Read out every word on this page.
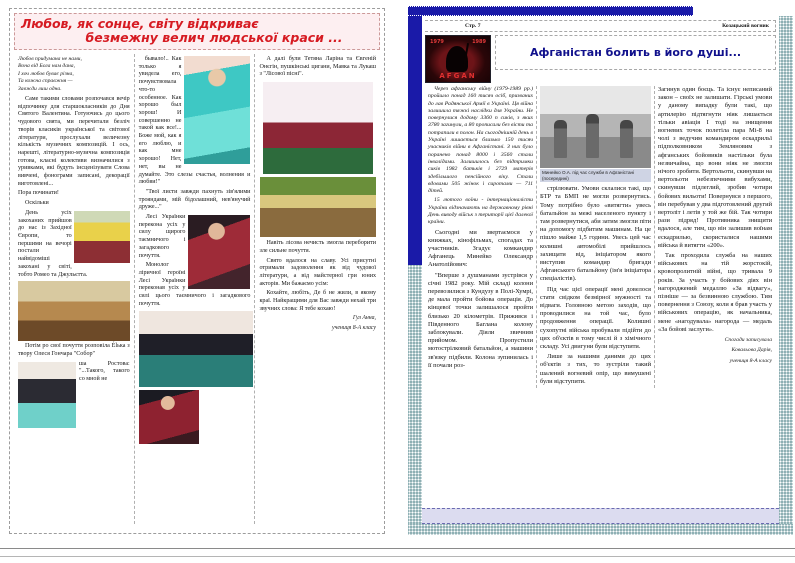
Любов, як сонце, світу відкриває
безмежну велич людської краси ...
Любов придумана не нами,
Вона від Бога нам дана,
І хоч любов буває різна,
Та кожна справжня —
Завжди лиш одна.

Саме такими словами розпочався вечір відпочинку для старшокласників до Дня Святого Валентина. Готуючись до цього чудового свята, ми перечитали безліч творів класиків української та світової літератури, прослухали величезну кількість музичних композицій. І ось, нарешті, літературно-музична композиція готова, класні колективи визначилися з уривками, які будуть інсценізувати Слова вивчені, фонограми записані, декорації виготовлені...

Пора починати!

Оскільки

День усіх закоханих прийшов до нас із Західної Європи, то першими на вечорі постали найвідоміші закохані у світі, тобто Ромео та Джульєтта.

Потім ро свої почуття розповіла Élька з твору Олеся Гончара "Собор"

ша Ростова: "...Такого, такого со мной не

бывало!.. Как только я увидела его, почувствовала что-то особенное. Как хорошо был хорош! И совершенно не такой как все!... Боже мой, как я его люблю, и как мне хорошо! Нет, нет, вы не думайте. Это слезы счастья, волнения и любви!"

"Твої листи завжди пахнуть зів'ялими трояндами, мій бідолашний, нев'янучий друже..."

Лесі Українки перекона усіх у силу щирого таємничого і загадкового почуття.

Монолог ліричної героїні Лесі Українки переконав усіх у силі цього таємничого і загадкового почуття.

А далі були Тетяна Ларіна та Євгеній Онєгін, пушкінські цигани, Мавка та Лукаш з "Лісової пісні".

Навіть лісова нечисть змогла переборити зле сильне почуття.

Свято вдалося на славу. Усі присутні отримали задоволення як від чудової літератури, а від майстерної гри юних акторів. Ми бажаємо усім:

Кохайте, любіть, Де б не жили, в якому краї. Найкращими для Вас завжди нехай три звучних слова: Я тебе кохаю!

Гул Анна,
учениця 8-А класу
Стр. 7	Козацький вогник
1979	1989
AFGAN
Афганістан болить в його душі...

Через афганську війну (1979-1989 рр.) пройшло понад 160 тисяч осіб, призваних до лав Радянської Армії в Україні. Ця війна залишила тяжкі наслідки для України. Не повернулися додому 3360 п сиків, з яких 3780 загинули, а 80 прописали без вісти та потрапили в полон. На сьогоднішній день в Україні лишається близько 150 тисяч учасників війни в Афганістані. З них було поранено понад 8000 і 3560 стали інвалідами. Залишилось без підтримки сиків 1982 батьків і 2729 матерів здебільшого пенсійного віку. Стали вдовами 505 жінок і сиротами — 711 дітей.

15 лютого воїни - інтернаціоналісти України відзначають на державному рівні День виводу військ з території цієї далекої країни.

Сьогодні ми звертаємося у книжках, кінофільмах, спогадах та участників. Згадує комкандир Афганець Минейко Олександр Анатолійович:

"Вперше з душманами зустрівся у січні 1982 року. Мій складі колони перевозилися з Кундузу в Пoлі-Хумрі, де мала пройти бойова операція. До кінцевої точки залишалося пройти близько 20 кілометрів. Прижився і Південного Багланa колону заблокували. Діяли звичним прийомом. Пропустили мотострілковий батальйон, а машини зв'язку підбили. Колона зупинилась і її почали роз-

Минейко О.А. під час служби в Афганістані (посередині)

стрілювати. Умови склалися такі, що БТР та БМП не могли розвернутись. Тому потрібно було «витягти» увесь батальйон за межі населеного пункту і там розвернутися, аби затим змогли піти на допомогу підбитим машинам. На це пішло майже 1,5 години. Увесь цей час колишні автомобілі прийшлось захищати від, ініціатором якого виступив командир бригади Афганського батальйону (ім'я ініціатора спеціалістів).

Під час цієї операції мені довелося стати свідком безмірної мужності та відваги. Головною метою заходів, що проводилися на той час, було продовження операції. Колишні сухопутні війська пробували підійти до цих об'єктів в тому числі й з хімічного складу. Усі двигуни були відступити.

Лише за нашими даними до цих об'єктів з тих, то зустріли такий шалений вогневий опір, що вимушені були відступити.

Загинув один боєць. Та існує неписаний закон – своїх не залишати. Гірські умови у даному випадку були такі, що артилерію підтягнути ніяк лишається тільки авіація І тоді на знищення вогневих точок полетіла пара Мі-8 на чолі з ведучим командиром ескадрильї підполковником Земляновим з афганських бойовиків настільки була незвичайна, що вони ніяк не змогли нічого зробити. Вертольоти, скинувши на вертольоти небезпечними вибухами, скинувши підлеглий, зробив чотири бойових вильоти! Повернувся з першого, він перебував у два підготовлений другий вертоліт і летів у той же бій. Так чотири рази підряд! Противника знищити вдалося, але тим, що він залишив воїнам ескадрилью, скористалися нашими війська й витягти «200».

Так проходила служба на наших військових на тій жорстокій, кровопролитній війні, що тривала 9 років. За участь у бойових діях він нагороджений медаллю «За відвагу», пізніше — за безвинною службою. Тим повернення з Союзу, коли я брав участь у військових операцію, як начальника, мене «нагодувала» нагорода — медаль «За бойові заслуги».

Спогади записувала
Ковальова Дарія,
учениця 8-А класу
